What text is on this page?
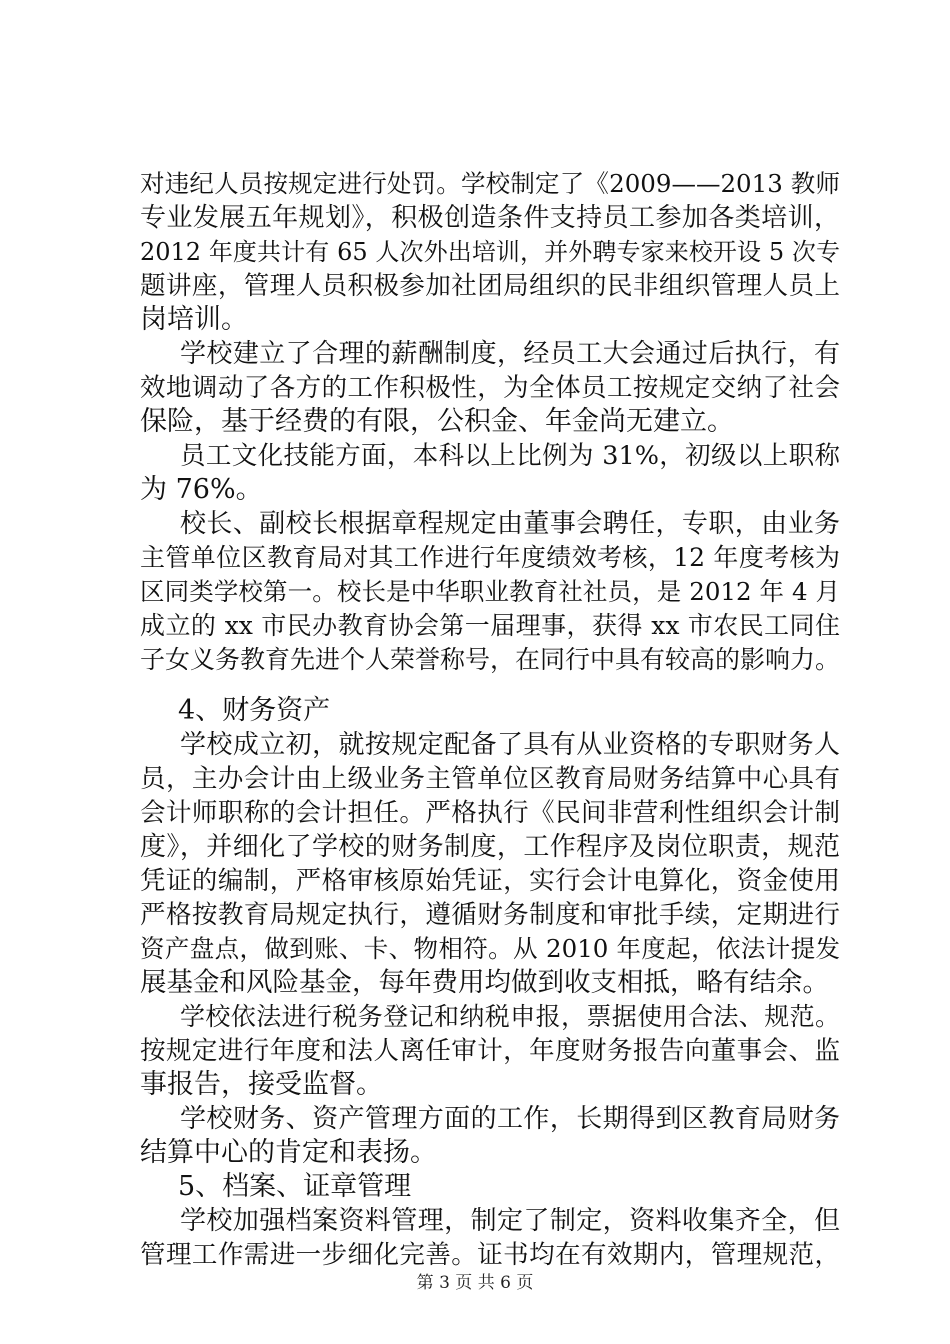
对违纪人员按规定进行处罚。学校制定了《2009——2013 教师
专业发展五年规划》，积极创造条件支持员工参加各类培训，
2012 年度共计有 65 人次外出培训，并外聘专家来校开设 5 次专
题讲座，管理人员积极参加社团局组织的民非组织管理人员上
岗培训。
学校建立了合理的薪酬制度，经员工大会通过后执行，有
效地调动了各方的工作积极性，为全体员工按规定交纳了社会
保险，基于经费的有限，公积金、年金尚无建立。
员工文化技能方面，本科以上比例为 31%，初级以上职称
为 76%。
校长、副校长根据章程规定由董事会聘任，专职，由业务
主管单位区教育局对其工作进行年度绩效考核，12 年度考核为
区同类学校第一。校长是中华职业教育社社员，是 2012 年 4 月
成立的 xx 市民办教育协会第一届理事，获得 xx 市农民工同住
子女义务教育先进个人荣誉称号，在同行中具有较高的影响力。
4、财务资产
学校成立初，就按规定配备了具有从业资格的专职财务人
员，主办会计由上级业务主管单位区教育局财务结算中心具有
会计师职称的会计担任。严格执行《民间非营利性组织会计制
度》，并细化了学校的财务制度，工作程序及岗位职责，规范
凭证的编制，严格审核原始凭证，实行会计电算化，资金使用
严格按教育局规定执行，遵循财务制度和审批手续，定期进行
资产盘点，做到账、卡、物相符。从 2010 年度起，依法计提发
展基金和风险基金，每年费用均做到收支相抵，略有结余。
学校依法进行税务登记和纳税申报，票据使用合法、规范。
按规定进行年度和法人离任审计，年度财务报告向董事会、监
事报告，接受监督。
学校财务、资产管理方面的工作，长期得到区教育局财务
结算中心的肯定和表扬。
5、档案、证章管理
学校加强档案资料管理，制定了制定，资料收集齐全，但
管理工作需进一步细化完善。证书均在有效期内，管理规范，
第 3 页 共 6 页
